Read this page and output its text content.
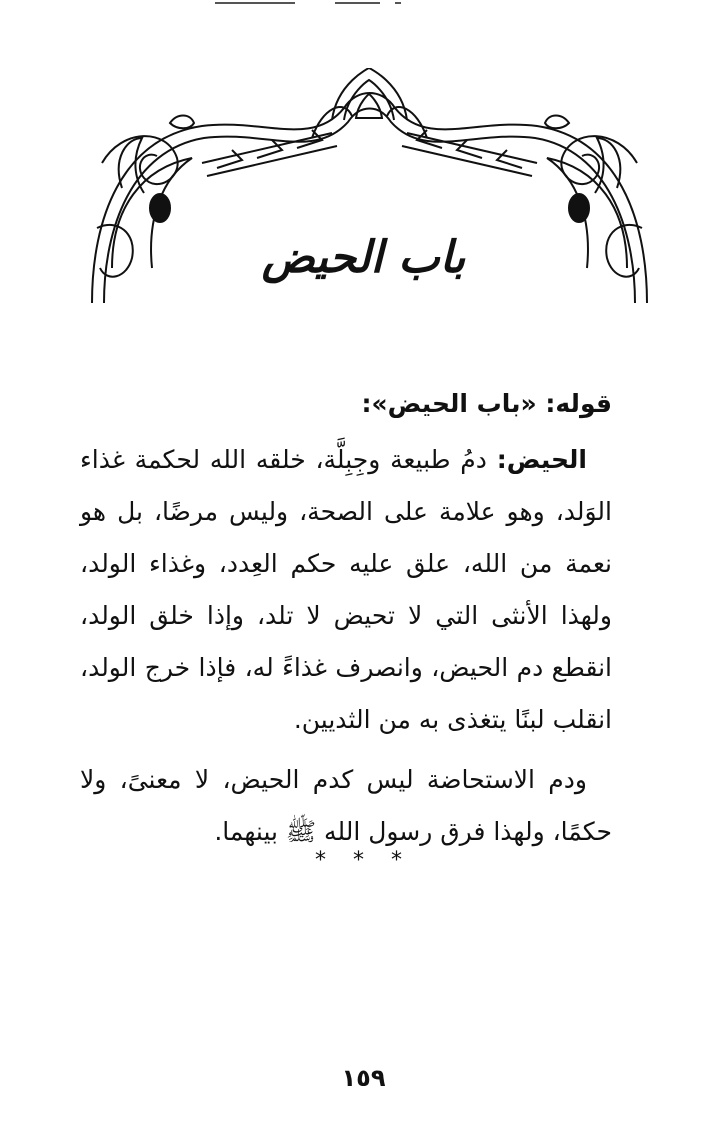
باب الحيض

قوله: «باب الحيض»:

الحيض: دمُ طبيعة وجِبِلَّة، خلقه الله لحكمة غذاء الوَلد، وهو علامة على الصحة، وليس مرضًا، بل هو نعمة من الله، علق عليه حكم العِدد، وغذاء الولد، ولهذا الأنثى التي لا تحيض لا تلد، وإذا خلق الولد، انقطع دم الحيض، وانصرف غذاءً له، فإذا خرج الولد، انقلب لبنًا يتغذى به من الثديين.

ودم الاستحاضة ليس كدم الحيض، لا معنىً، ولا حكمًا، ولهذا فرق رسول الله ﷺ بينهما.

* * *
١٥٩
